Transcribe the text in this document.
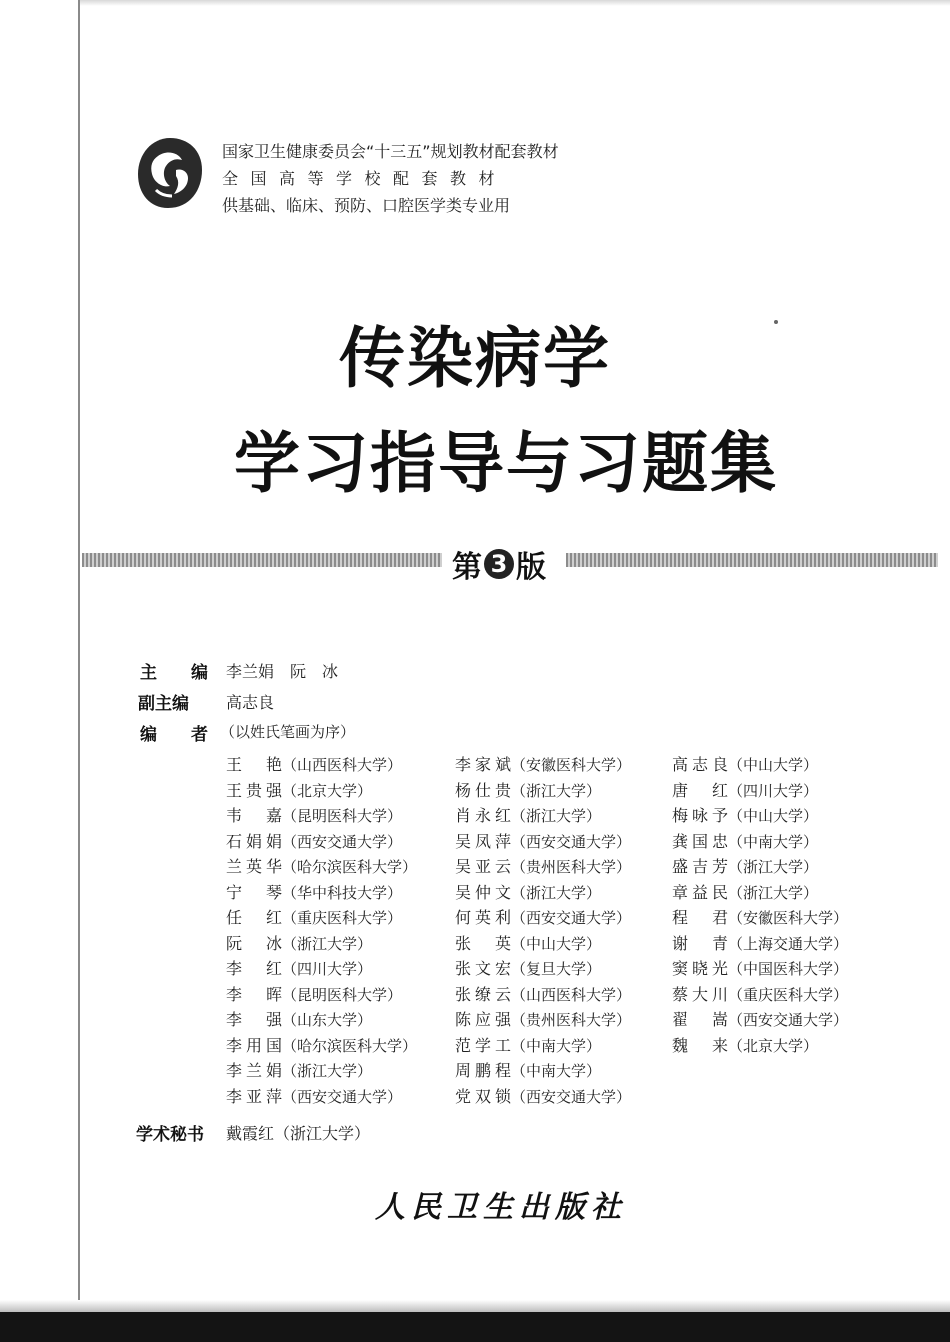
国家卫生健康委员会“十三五”规划教材配套教材
全国高等学校配套教材
供基础、临床、预防、口腔医学类专业用
传染病学
学习指导与习题集
第 3 版
主　　编 李兰娟　阮　冰
副主编 高志良
编　　者 （以姓氏笔画为序）
王艳（山西医科大学）
王贵强（北京大学）
韦嘉（昆明医科大学）
石娟娟（西安交通大学）
兰英华（哈尔滨医科大学）
宁琴（华中科技大学）
任红（重庆医科大学）
阮冰（浙江大学）
李红（四川大学）
李晖（昆明医科大学）
李强（山东大学）
李用国（哈尔滨医科大学）
李兰娟（浙江大学）
李亚萍（西安交通大学）
李家斌（安徽医科大学）
杨仕贵（浙江大学）
肖永红（浙江大学）
吴凤萍（西安交通大学）
吴亚云（贵州医科大学）
吴仲文（浙江大学）
何英利（西安交通大学）
张英（中山大学）
张文宏（复旦大学）
张缭云（山西医科大学）
陈应强（贵州医科大学）
范学工（中南大学）
周鹏程（中南大学）
党双锁（西安交通大学）
高志良（中山大学）
唐红（四川大学）
梅咏予（中山大学）
龚国忠（中南大学）
盛吉芳（浙江大学）
章益民（浙江大学）
程君（安徽医科大学）
谢青（上海交通大学）
窦晓光（中国医科大学）
蔡大川（重庆医科大学）
翟嵩（西安交通大学）
魏来（北京大学）
学术秘书 戴霞红（浙江大学）
人民卫生出版社
